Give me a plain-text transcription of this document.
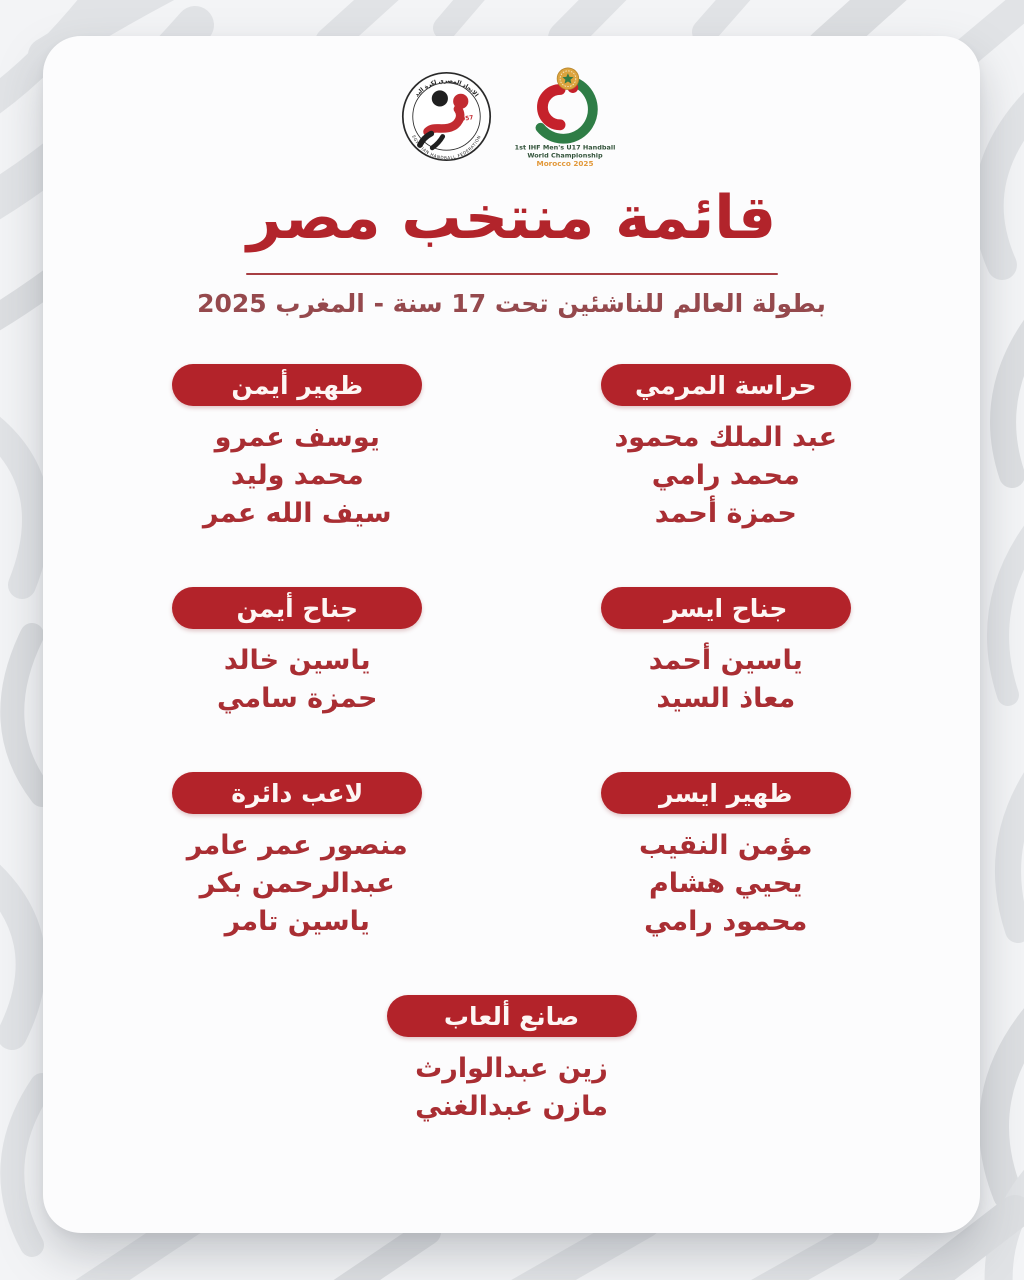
الاتحاد المصري لكرة اليد
EGYPTIAN HANDBALL FEDERATION
1957
1st IHF Men's U17 Handball
World Championship
Morocco 2025
قائمة منتخب مصر
بطولة العالم للناشئين تحت 17 سنة - المغرب 2025
حراسة المرمي
عبد الملك محمود
محمد رامي
حمزة أحمد
ظهير أيمن
يوسف عمرو
محمد وليد
سيف الله عمر
جناح ايسر
ياسين أحمد
معاذ السيد
جناح أيمن
ياسين خالد
حمزة سامي
ظهير ايسر
مؤمن النقيب
يحيي هشام
محمود رامي
لاعب دائرة
منصور عمر عامر
عبدالرحمن بكر
ياسين تامر
صانع ألعاب
زين عبدالوارث
مازن عبدالغني
